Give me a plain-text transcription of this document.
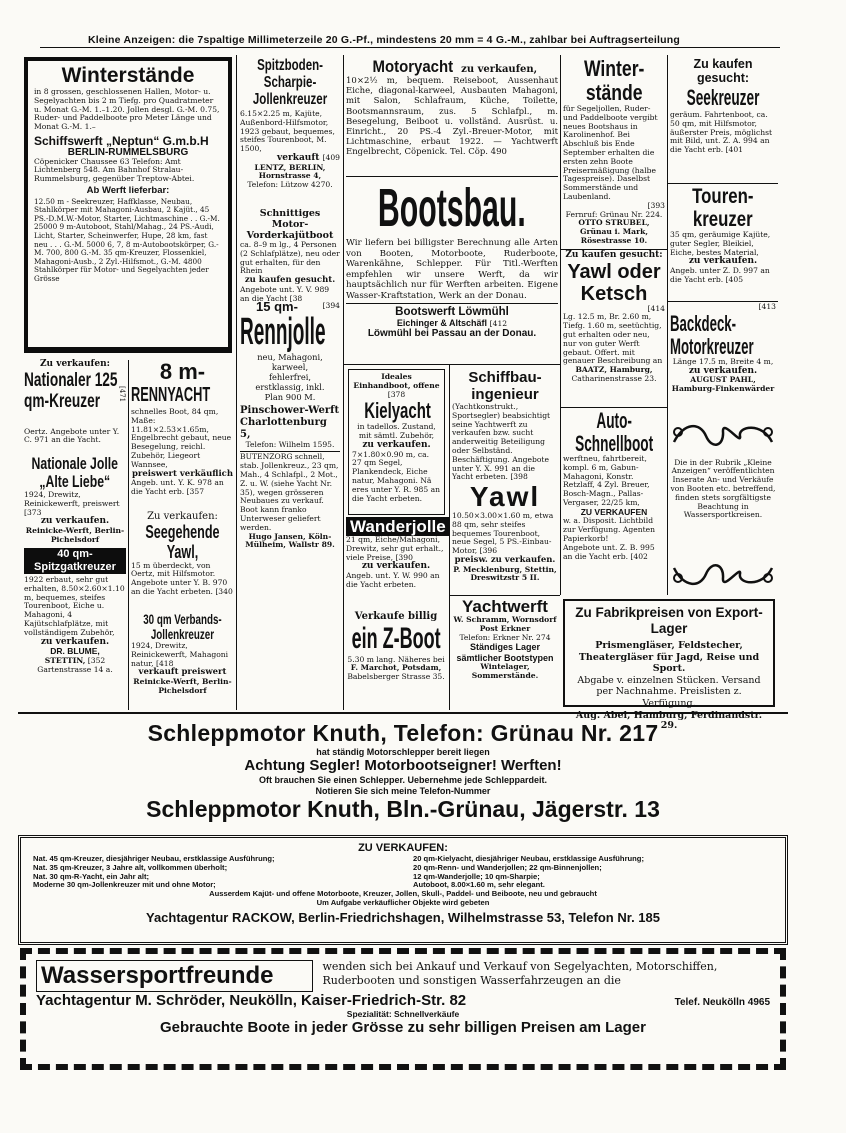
Kleine Anzeigen: die 7spaltige Millimeterzeile 20 G.-Pf., mindestens 20 mm = 4 G.-M., zahlbar bei Auftragserteilung
Winterstände

in 8 grossen, geschlossenen Hallen, Motor- u. Segelyachten bis 2 m Tiefg. pro Quadratmeter u. Monat G.-M. 1.–1.20. Jollen desgl. G.-M. 0.75, Ruder- und Paddelboote pro Meter Länge und Monat G.-M. 1.–

Schiffswerft „Neptun“ G.m.b.H
BERLIN-RUMMELSBURG

Cöpenicker Chaussee 63 Telefon: Amt Lichtenberg 548. Am Bahnhof Stralau-Rummelsburg, gegenüber Treptow-Abtei.

Ab Werft lieferbar:

12.50 m - Seekreuzer, Haffklasse, Neubau, Stahlkörper mit Mahagoni-Ausbau, 2 Kajüt., 45 PS.-D.M.W.-Motor, Starter, Lichtmaschine . . G.-M. 25000 9 m-Autoboot, Stahl/Mahag., 24 PS.-Audi, Licht, Starter, Scheinwerfer, Hupe, 28 km, fast neu . . . G.-M. 5000 6, 7, 8 m-Autobootskörper, G.-M. 700, 800 G.-M. 35 qm-Kreuzer, Flossenkiel, Mahagoni-Ausb., 2 Zyl.-Hilfsmot., G.-M. 4800 Stahlkörper für Motor- und Segelyachten jeder Grösse

Zu verkaufen:
Nationaler 125 qm-Kreuzer	[471

Oertz. Angebote unter Y. C. 971 an die Yacht.

Nationale Jolle „Alte Liebe“

1924, Drewitz, Reinickewerft, preiswert [373

zu verkaufen.

Reinicke-Werft, Berlin-Pichelsdorf

40 qm-Spitzgatkreuzer

1922 erbaut, sehr gut erhalten, 8.50×2.60×1.10 m, bequemes, steifes Tourenboot, Eiche u. Mahagoni, 4 Kajütschlafplätze, mit vollständigem Zubehör,

zu verkaufen.
DR. BLUME,
STETTIN, [352
Gartenstrasse 14 a.
Spitzboden-Scharpie-Jollenkreuzer

6.15×2.25 m, Kajüte, Außenbord-Hilfsmotor, 1923 gebaut, bequemes, steifes Tourenboot, M. 1500,

verkauft [409

LENTZ, BERLIN, Hornstrasse 4,

Telefon: Lützow 4270.

Schnittiges Motor-Vorderkajütboot

ca. 8–9 m lg., 4 Personen (2 Schlafplätze), neu oder gut erhalten, für den Rhein

zu kaufen gesucht.

Angebote unt. Y. V. 989 an die Yacht [38

15 qm-	[394
Rennjolle

neu, Mahagoni, karweel, fehlerfrei, erstklassig, inkl. Plan 900 M.

Pinschower-Werft Charlottenburg 5,

Telefon: Wilhelm 1595.

BUTENZORG schnell, stab. Jollenkreuz., 23 qm, Mah., 4 Schlafpl., 2 Mot., Z. u. W. (siehe Yacht Nr. 35), wegen grösseren Neubaues zu verkauf. Boot kann franko Unterweser geliefert werden.

Hugo Jansen, Köln-Mülheim, Wallstr 89.
8 m-
RENNYACHT

schnelles Boot, 84 qm, Maße: 11.81×2.53×1.65m, Engelbrecht gebaut, neue Besegelung, reichl. Zubehör, Liegeort Wannsee,

preiswert verkäuflich

Angeb. unt. Y. K. 978 an die Yacht erb. [357

Zu verkaufen:
Seegehende Yawl,

15 m überdeckt, von Oertz, mit Hilfsmotor. Angebote unter Y. B. 970 an die Yacht erbeten. [340

30 qm Verbands-Jollenkreuzer

1924, Drewitz, Reinickewerft, Mahagoni natur, [418

verkauft preiswert

Reinicke-Werft, Berlin-Pichelsdorf

Motoryacht zu verkaufen,

10×2½ m, bequem. Reiseboot, Aussenhaut Eiche, diagonal-karweel, Ausbauten Mahagoni, mit Salon, Schlafraum, Küche, Toilette, Bootsmannsraum, zus. 5 Schlafpl., m. Besegelung, Beiboot u. vollständ. Ausrüst. u. Einricht., 20 PS.-4 Zyl.-Breuer-Motor, mit Lichtmaschine, erbaut 1922. — Yachtwerft Engelbrecht, Cöpenick. Tel. Cöp. 490

Bootsbau.

Wir liefern bei billigster Berechnung alle Arten von Booten, Motorboote, Ruderboote, Warenkähne, Schlepper. Für Titl.-Werften empfehlen wir unsere Werft, da wir hauptsächlich nur für Werften arbeiten. Eigene Wasser-Kraftstation, Werk an der Donau.

Bootswerft Löwmühl
Eichinger & Altschäfl [412
Löwmühl bei Passau an der Donau.
Ideales Einhandboot, offene [378
Kielyacht

in tadellos. Zustand, mit sämtl. Zubehör,

zu verkaufen.

7×1.80×0.90 m, ca. 27 qm Segel, Plankendeck, Eiche natur, Mahagoni. Nä eres unter Y. R. 985 an die Yacht erbeten.

Wanderjolle

21 qm, Eiche/Mahagoni, Drewitz, sehr gut erhalt., viele Preise, [390

zu verkaufen.

Angeb. unt. Y. W. 990 an die Yacht erbeten.

Verkaufe billig
ein Z-Boot

5.30 m lang. Näheres bei

F. Marchot, Potsdam,

Babelsberger Strasse 35.

Schiffbau-ingenieur

(Yachtkonstrukt., Sportsegler) beabsichtigt seine Yachtwerft zu verkaufen bzw. sucht anderweitig Beteiligung oder Selbständ. Beschäftigung. Angebote unter Y. X. 991 an die Yacht erbeten. [398

Yawl

10.50×3.00×1.60 m, etwa 88 qm, sehr steifes bequemes Tourenboot, neue Segel, 5 PS.-Einbau-Motor, [396

preisw. zu verkaufen.

P. Mecklenburg, Stettin, Dreswitzstr 5 II.

Yachtwerft

W. Schramm, Wornsdorf

Post Erkner

Telefon: Erkner Nr. 274

Ständiges Lager sämtlicher Bootstypen

Wintelager, Sommerstände.

Winter-stände

für Segeljollen, Ruder- und Paddelboote vergibt neues Bootshaus in Karolinenhof. Bei Abschluß bis Ende September erhalten die ersten zehn Boote Preisermäßigung (halbe Tagespreise). Daselbst Sommerstände und Laubenland.

[393

Fernruf: Grünau Nr. 224.

OTTO STRUBEL, Grünau i. Mark, Rösestrasse 10.

Zu kaufen gesucht:
Yawl oder Ketsch

[414

Lg. 12.5 m, Br. 2.60 m, Tiefg. 1.60 m, seetüchtig, gut erhalten oder neu, nur von guter Werft gebaut. Offert. mit genauer Beschreibung an

BAATZ, Hamburg,

Catharinenstrasse 23.

Auto-Schnellboot

werftneu, fahrtbereit, kompl. 6 m, Gabun-Mahagoni, Konstr. Retzlaff, 4 Zyl. Breuer, Bosch-Magn., Pallas-Vergaser, 22/25 km,

ZU VERKAUFEN

w. a. Disposit. Lichtbild zur Verfügung. Agenten Papierkorb!

Angebote unt. Z. B. 995 an die Yacht erb. [402

Zu kaufen gesucht:
Seekreuzer

geräum. Fahrtenboot, ca. 50 qm, mit Hilfsmotor, äußerster Preis, möglichst mit Bild, unt. Z. A. 994 an die Yacht erb. [401

Touren-kreuzer

35 qm, geräumige Kajüte, guter Segler, Bleikiel, Eiche, bestes Material,

zu verkaufen.

Angeb. unter Z. D. 997 an die Yacht erb. [405

[413

Backdeck-Motorkreuzer

Länge 17.5 m, Breite 4 m,

zu verkaufen.

AUGUST PAHL, Hamburg-Finkenwärder

Die in der Rubrik „Kleine Anzeigen“ veröffentlichten Inserate An- und Verkäufe von Booten etc. betreffend, finden stets sorgfältigste Beachtung in Wassersportkreisen.

Zu Fabrikpreisen von Export-Lager

Prismengläser, Feldstecher, Theatergläser für Jagd, Reise und Sport.

Abgabe v. einzelnen Stücken. Versand per Nachnahme. Preislisten z. Verfügung.

Aug. Abel, Hamburg, Ferdinandstr. 29.

Schleppmotor Knuth, Telefon: Grünau Nr. 217
hat ständig Motorschlepper bereit liegen
Achtung Segler! Motorbootseigner! Werften!
Oft brauchen Sie einen Schlepper. Uebernehme jede Schleppardeit.
Notieren Sie sich meine Telefon-Nummer
Schleppmotor Knuth, Bln.-Grünau, Jägerstr. 13
ZU VERKAUFEN:
Nat. 45 qm-Kreuzer, diesjähriger Neubau, erstklassige Ausführung;
Nat. 35 qm-Kreuzer, 3 Jahre alt, vollkommen überholt;
Nat. 30 qm-R-Yacht, ein Jahr alt;
Moderne 30 qm-Jollenkreuzer mit und ohne Motor;
20 qm-Kielyacht, diesjähriger Neubau, erstklassige Ausführung;
20 qm-Renn- und Wanderjollen; 22 qm-Binnenjollen;
12 qm-Wanderjolle; 10 qm-Sharpie;
Autoboot, 8.00×1.60 m, sehr elegant.
Ausserdem Kajüt- und offene Motorboote, Kreuzer, Jollen, Skull-, Paddel- und Beiboote, neu und gebraucht
Um Aufgabe verkäuflicher Objekte wird gebeten
Yachtagentur RACKOW, Berlin-Friedrichshagen, Wilhelmstrasse 53, Telefon Nr. 185
Wassersportfreunde	wenden sich bei Ankauf und Verkauf von Segelyachten, Motorschiffen, Ruderbooten und sonstigen Wasserfahrzeugen an die

Yachtagentur M. Schröder, Neukölln, Kaiser-Friedrich-Str. 82	Telef. Neukölln 4965
Spezialität: Schnellverkäufe
Gebrauchte Boote in jeder Grösse zu sehr billigen Preisen am Lager
